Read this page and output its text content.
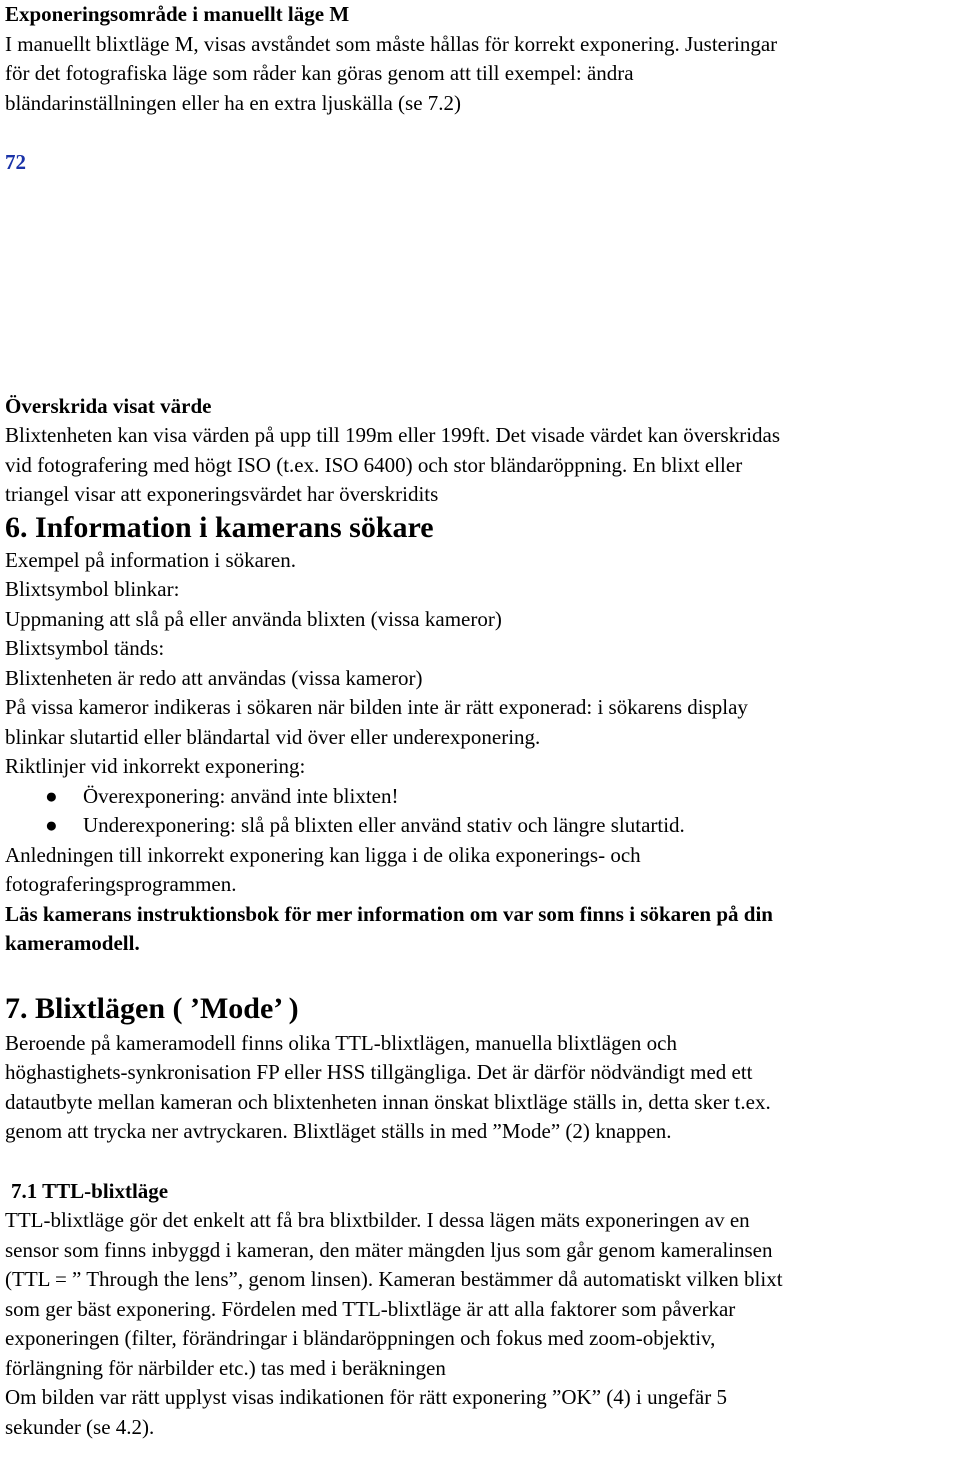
Exponeringsområde i manuellt läge M

I manuellt blixtläge M, visas avståndet som måste hållas för korrekt exponering. Justeringar

för det fotografiska läge som råder kan göras genom att till exempel: ändra

bländarinställningen eller ha en extra ljuskälla (se 7.2)

72

Överskrida visat värde

Blixtenheten kan visa värden på upp till 199m eller 199ft. Det visade värdet kan överskridas

vid fotografering med högt ISO (t.ex. ISO 6400) och stor bländaröppning. En blixt eller

triangel visar att exponeringsvärdet har överskridits

6. Information i kamerans sökare

Exempel på information i sökaren.

Blixtsymbol blinkar:

Uppmaning att slå på eller använda blixten (vissa kameror)

Blixtsymbol tänds:

Blixtenheten är redo att användas (vissa kameror)

På vissa kameror indikeras i sökaren när bilden inte är rätt exponerad: i sökarens display

blinkar slutartid eller bländartal vid över eller underexponering.

Riktlinjer vid inkorrekt exponering:

● Överexponering: använd inte blixten!

● Underexponering: slå på blixten eller använd stativ och längre slutartid.

Anledningen till inkorrekt exponering kan ligga i de olika exponerings- och

fotograferingsprogrammen.

Läs kamerans instruktionsbok för mer information om var som finns i sökaren på din

kameramodell.

7. Blixtlägen ( ’Mode’ )

Beroende på kameramodell finns olika TTL-blixtlägen, manuella blixtlägen och

höghastighets-synkronisation FP eller HSS tillgängliga. Det är därför nödvändigt med ett

datautbyte mellan kameran och blixtenheten innan önskat blixtläge ställs in, detta sker t.ex.

genom att trycka ner avtryckaren. Blixtläget ställs in med ”Mode” (2) knappen.

7.1 TTL-blixtläge

TTL-blixtläge gör det enkelt att få bra blixtbilder. I dessa lägen mäts exponeringen av en

sensor som finns inbyggd i kameran, den mäter mängden ljus som går genom kameralinsen

(TTL = ” Through the lens”, genom linsen). Kameran bestämmer då automatiskt vilken blixt

som ger bäst exponering. Fördelen med TTL-blixtläge är att alla faktorer som påverkar

exponeringen (filter, förändringar i bländaröppningen och fokus med zoom-objektiv,

förlängning för närbilder etc.) tas med i beräkningen

Om bilden var rätt upplyst visas indikationen för rätt exponering ”OK” (4) i ungefär 5

sekunder (se 4.2).
